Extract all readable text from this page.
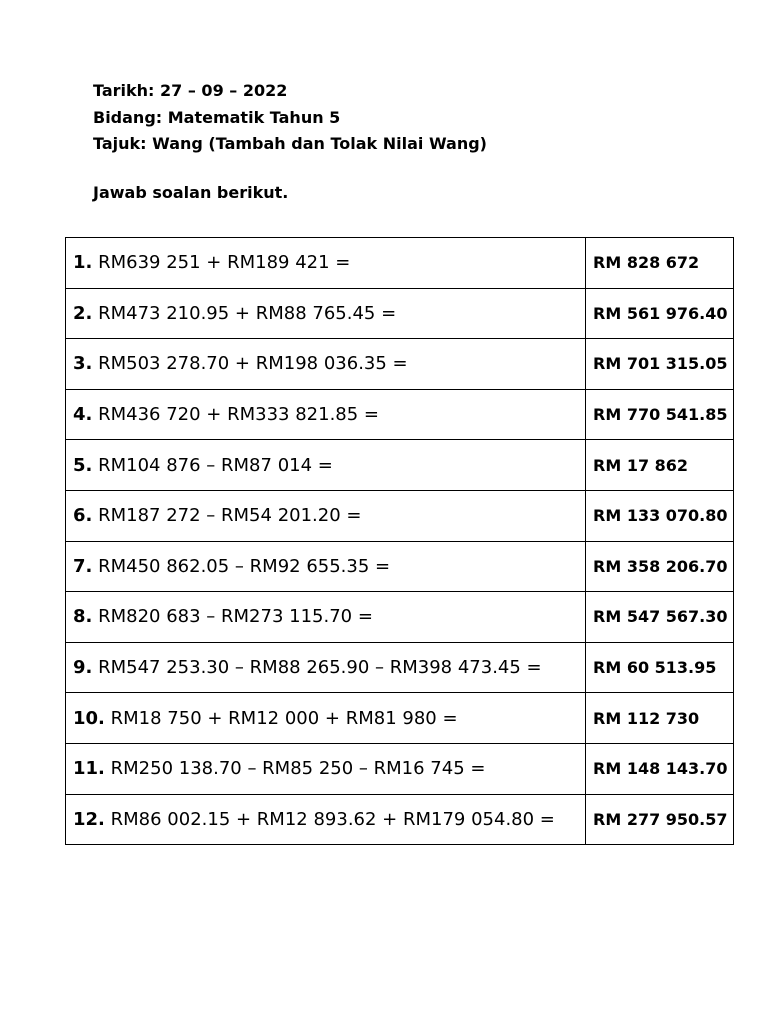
Tarikh: 27 – 09 – 2022
Bidang: Matematik Tahun 5
Tajuk: Wang (Tambah dan Tolak Nilai Wang)
Jawab soalan berikut.
1. RM639 251 + RM189 421 =	RM 828 672
2. RM473 210.95 + RM88 765.45 =	RM 561 976.40
3. RM503 278.70 + RM198 036.35 =	RM 701 315.05
4. RM436 720 + RM333 821.85 =	RM 770 541.85
5. RM104 876 – RM87 014 =	RM 17 862
6. RM187 272 – RM54 201.20 =	RM 133 070.80
7. RM450 862.05 – RM92 655.35 =	RM 358 206.70
8. RM820 683 – RM273 115.70 =	RM 547 567.30
9. RM547 253.30 – RM88 265.90 – RM398 473.45 =	RM 60 513.95
10. RM18 750 + RM12 000 + RM81 980 =	RM 112 730
11. RM250 138.70 – RM85 250 – RM16 745 =	RM 148 143.70
12. RM86 002.15 + RM12 893.62 + RM179 054.80 =	RM 277 950.57
